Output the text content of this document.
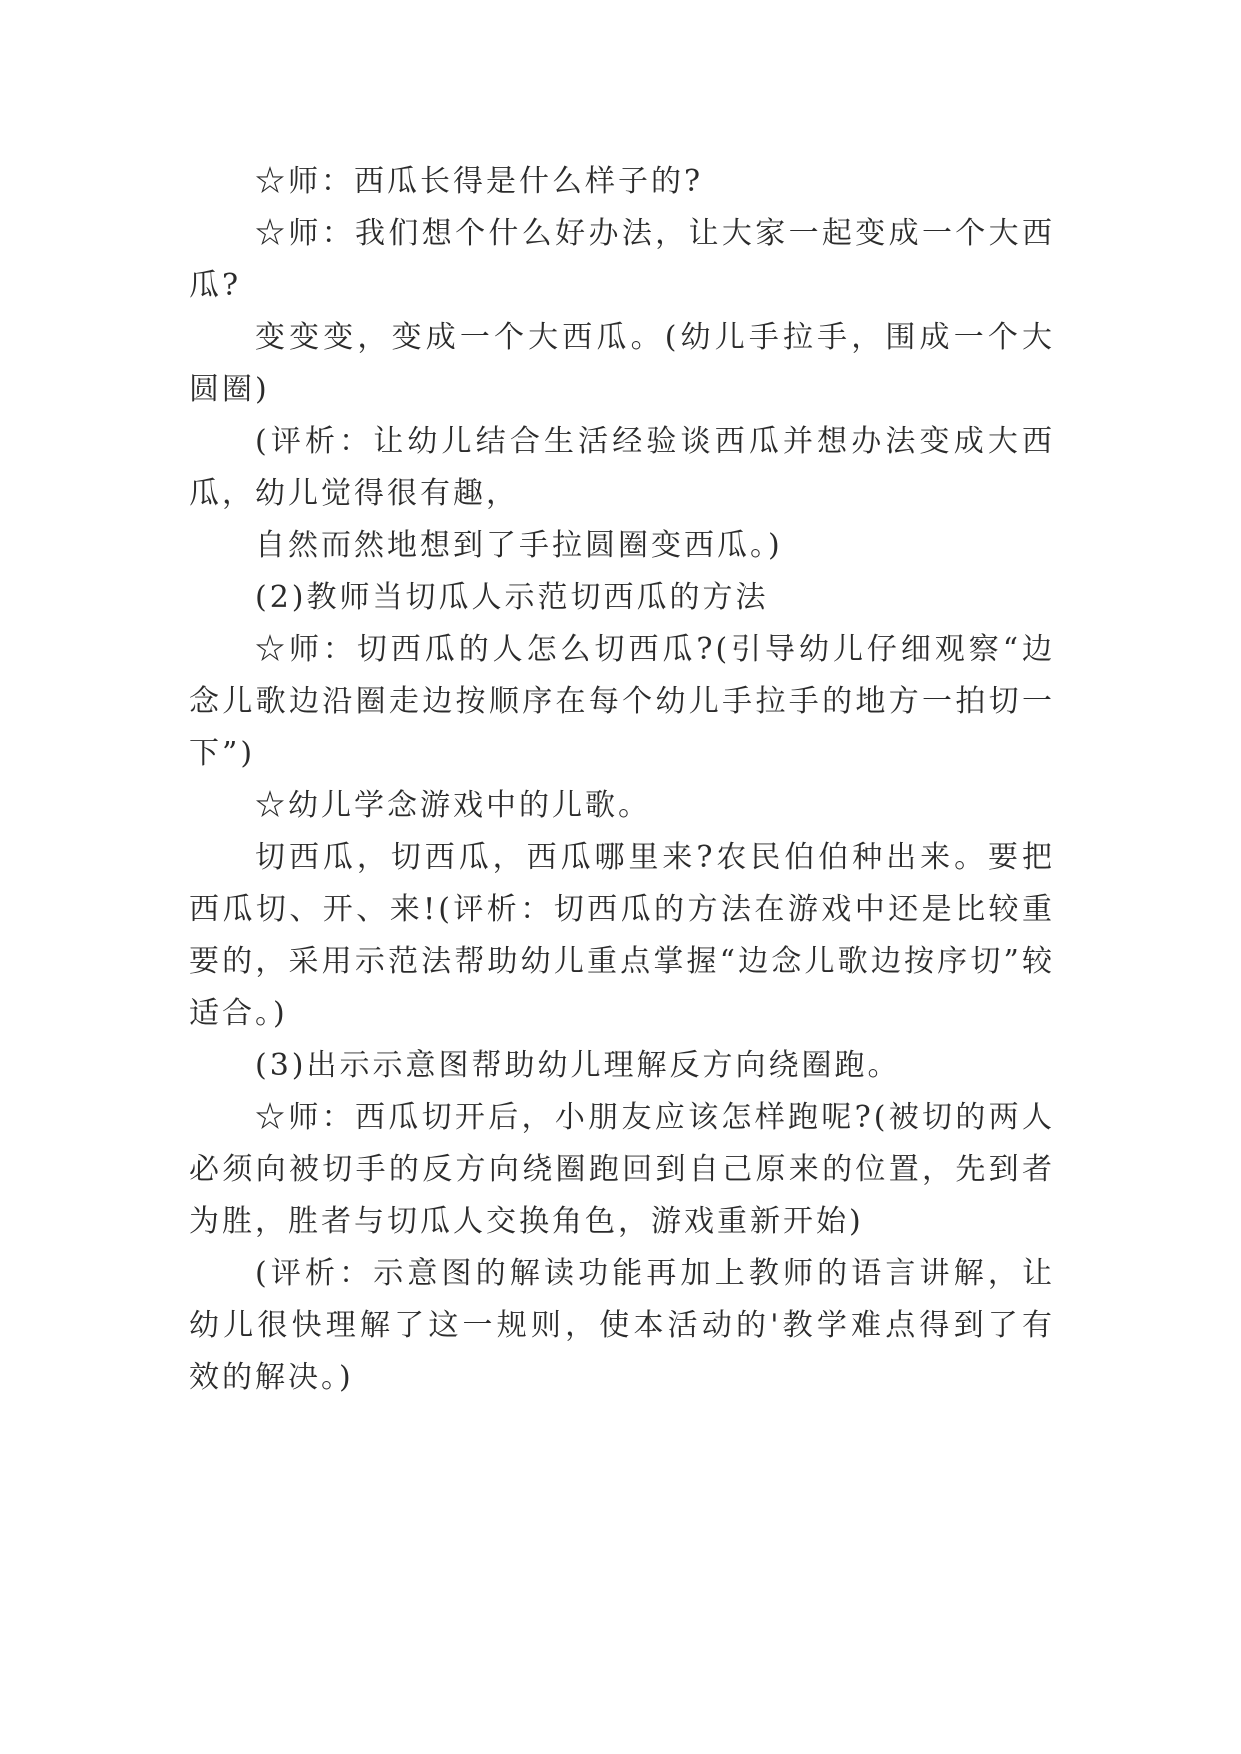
☆师：西瓜长得是什么样子的?

☆师：我们想个什么好办法，让大家一起变成一个大西瓜?

变变变，变成一个大西瓜。(幼儿手拉手，围成一个大圆圈)

(评析：让幼儿结合生活经验谈西瓜并想办法变成大西瓜，幼儿觉得很有趣，

自然而然地想到了手拉圆圈变西瓜。)

(2)教师当切瓜人示范切西瓜的方法

☆师：切西瓜的人怎么切西瓜?(引导幼儿仔细观察“边念儿歌边沿圈走边按顺序在每个幼儿手拉手的地方一拍切一下”)

☆幼儿学念游戏中的儿歌。

切西瓜，切西瓜，西瓜哪里来?农民伯伯种出来。要把西瓜切、开、来!(评析：切西瓜的方法在游戏中还是比较重要的，采用示范法帮助幼儿重点掌握“边念儿歌边按序切”较适合。)

(3)出示示意图帮助幼儿理解反方向绕圈跑。

☆师：西瓜切开后，小朋友应该怎样跑呢?(被切的两人必须向被切手的反方向绕圈跑回到自己原来的位置，先到者为胜，胜者与切瓜人交换角色，游戏重新开始)

(评析：示意图的解读功能再加上教师的语言讲解，让幼儿很快理解了这一规则，使本活动的'教学难点得到了有效的解决。)
